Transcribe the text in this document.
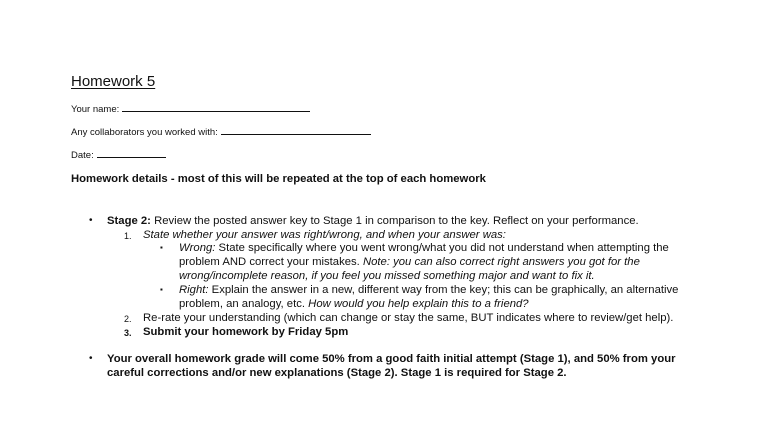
Homework 5
Your name:
Any collaborators you worked with:
Date:
Homework details - most of this will be repeated at the top of each homework
• Stage 2: Review the posted answer key to Stage 1 in comparison to the key. Reflect on your performance.
1. State whether your answer was right/wrong, and when your answer was:
▪ Wrong: State specifically where you went wrong/what you did not understand when attempting the
problem AND correct your mistakes. Note: you can also correct right answers you got for the
wrong/incomplete reason, if you feel you missed something major and want to fix it.
▪ Right: Explain the answer in a new, different way from the key; this can be graphically, an alternative
problem, an analogy, etc. How would you help explain this to a friend?
2. Re-rate your understanding (which can change or stay the same, BUT indicates where to review/get help).
3. Submit your homework by Friday 5pm
• Your overall homework grade will come 50% from a good faith initial attempt (Stage 1), and 50% from your
careful corrections and/or new explanations (Stage 2). Stage 1 is required for Stage 2.
